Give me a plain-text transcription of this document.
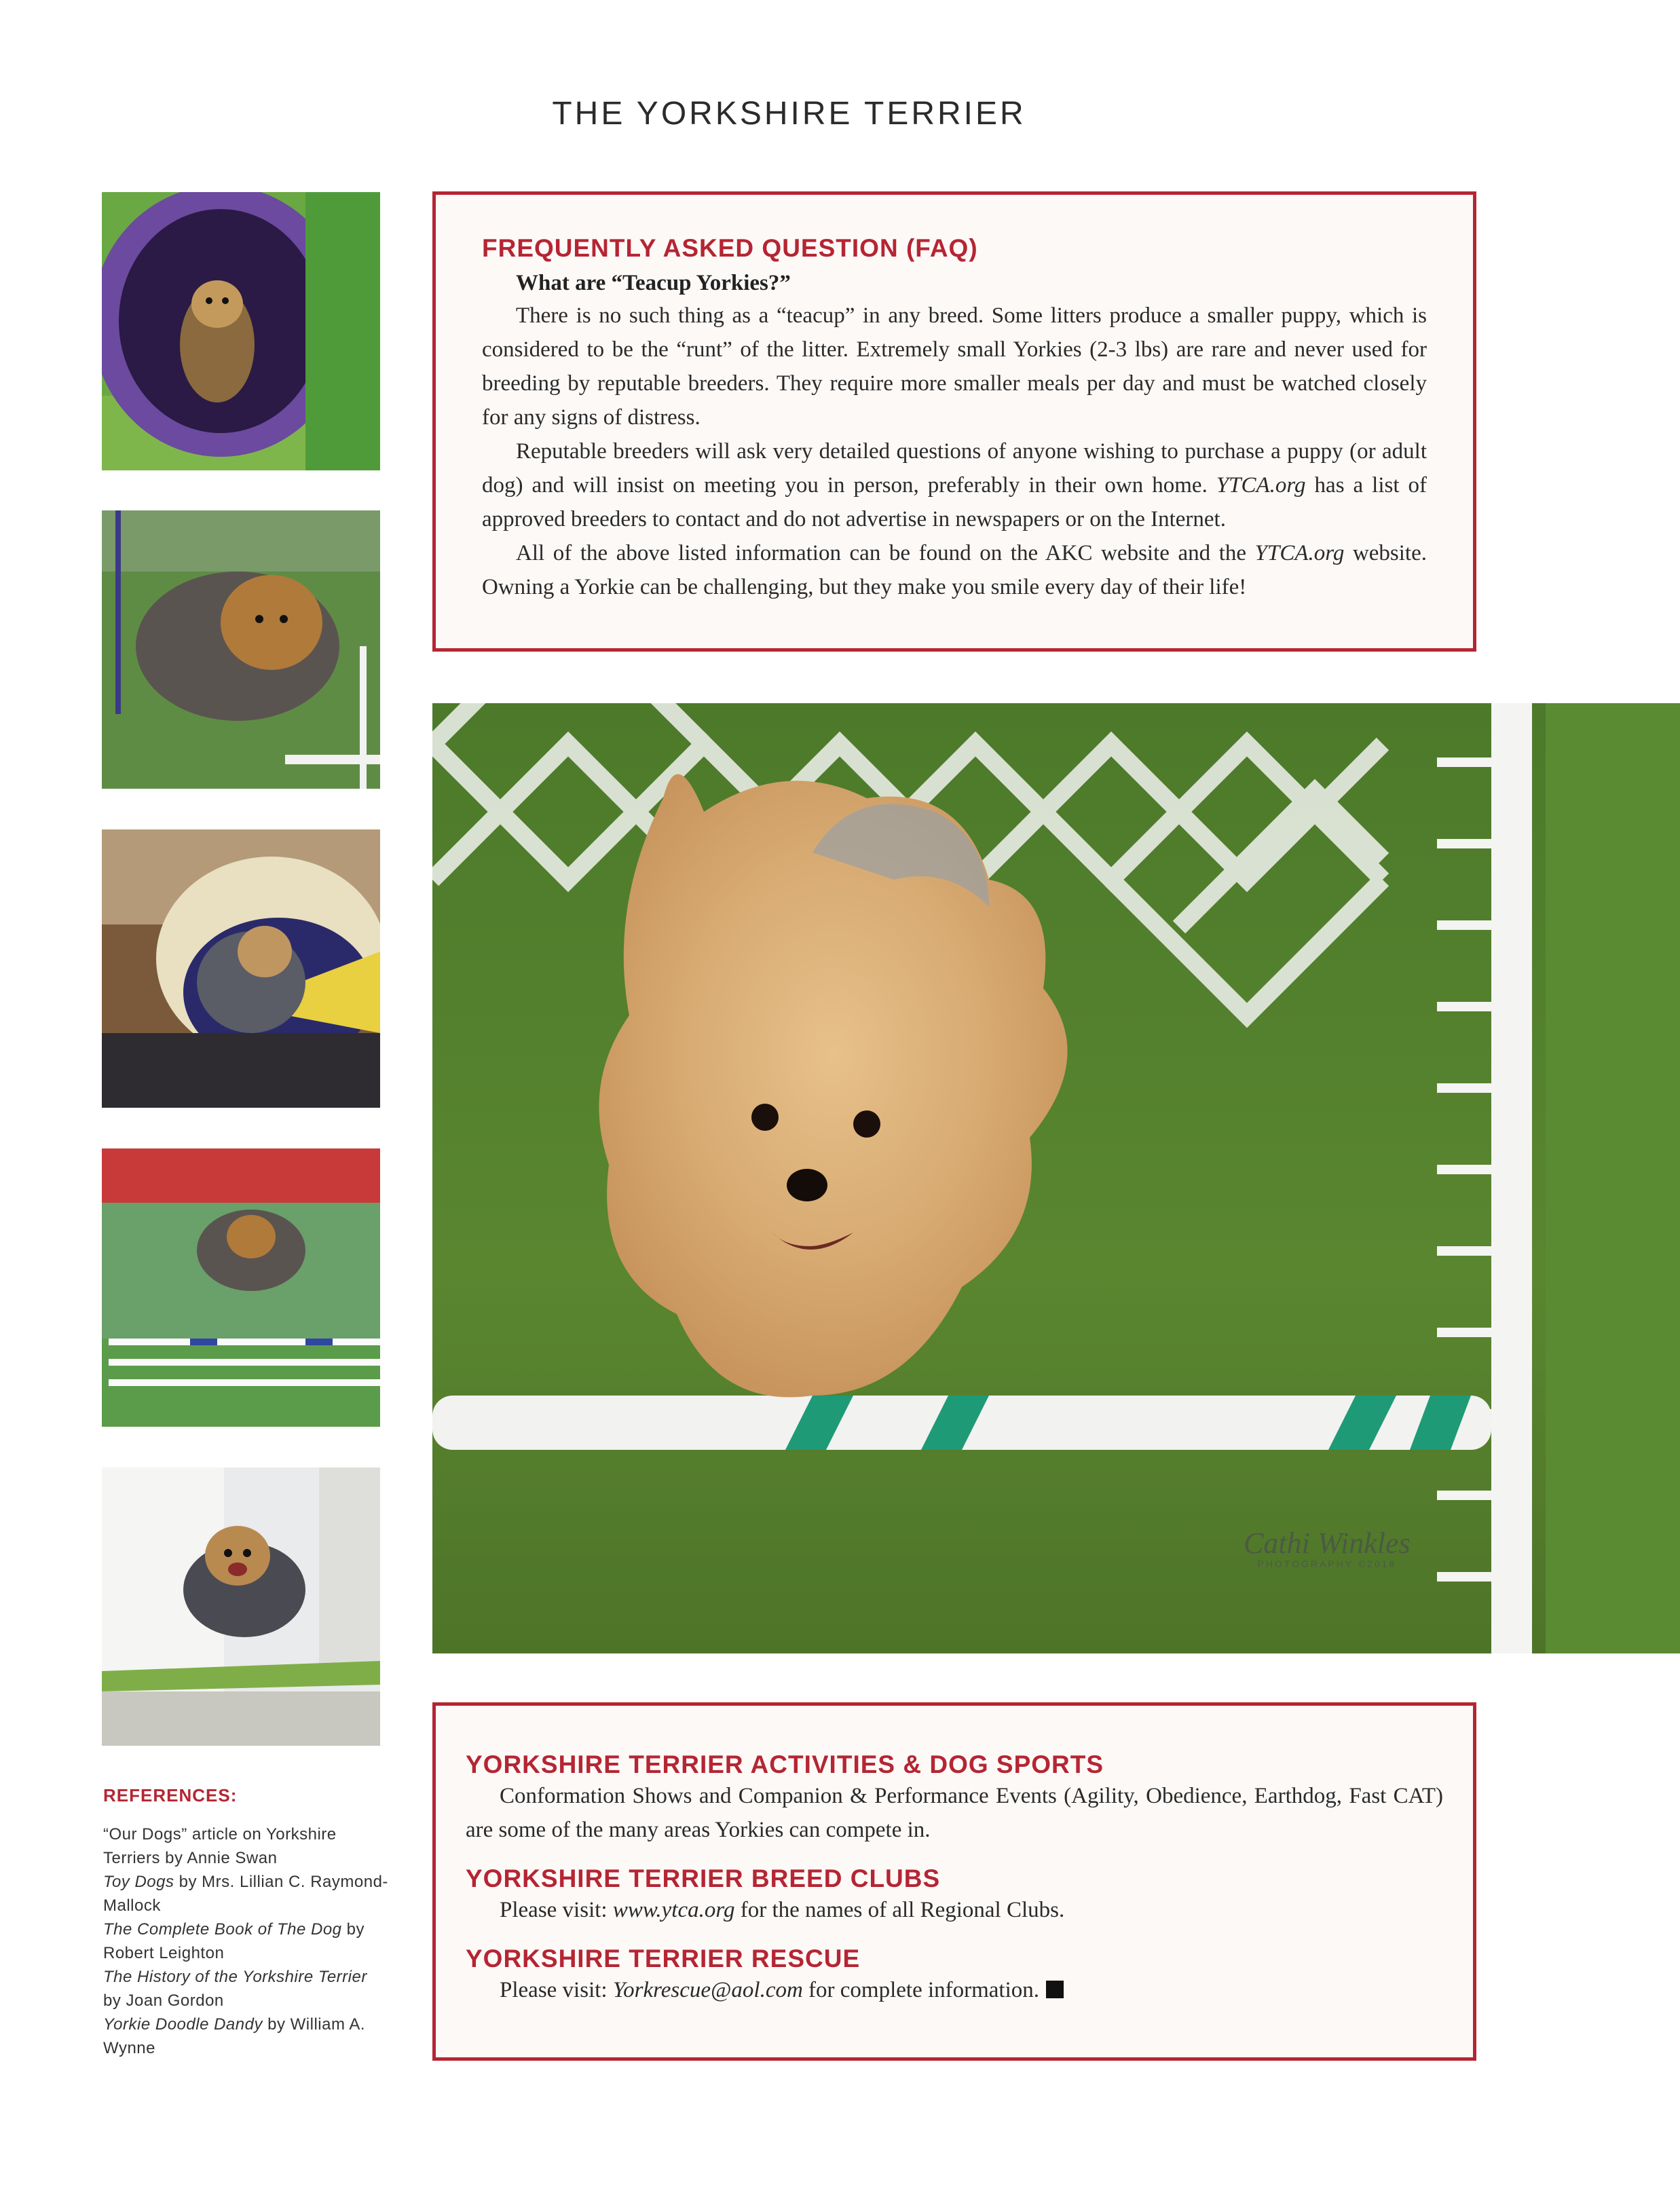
THE YORKSHIRE TERRIER
FREQUENTLY ASKED QUESTION (FAQ)
What are “Teacup Yorkies?”

There is no such thing as a “teacup” in any breed. Some litters produce a smaller puppy, which is considered to be the “runt” of the litter. Extremely small Yorkies (2-3 lbs) are rare and never used for breeding by reputable breeders. They require more smaller meals per day and must be watched closely for any signs of distress.

Reputable breeders will ask very detailed questions of anyone wishing to purchase a puppy (or adult dog) and will insist on meeting you in person, preferably in their own home. YTCA.org has a list of approved breeders to contact and do not advertise in newspapers or on the Internet.

All of the above listed information can be found on the AKC website and the YTCA.org website. Owning a Yorkie can be challenging, but they make you smile every day of their life!

Cathi Winkles
PHOTOGRAPHY ©2018
YORKSHIRE TERRIER ACTIVITIES & DOG SPORTS

Conformation Shows and Companion & Performance Events (Agility, Obedience, Earthdog, Fast CAT) are some of the many areas Yorkies can compete in.

YORKSHIRE TERRIER BREED CLUBS

Please visit: www.ytca.org for the names of all Regional Clubs.

YORKSHIRE TERRIER RESCUE

Please visit: Yorkrescue@aol.com for complete information.

REFERENCES:

“Our Dogs” article on Yorkshire Terriers by Annie Swan

Toy Dogs by Mrs. Lillian C. Raymond-Mallock

The Complete Book of The Dog by Robert Leighton

The History of the Yorkshire Terrier by Joan Gordon

Yorkie Doodle Dandy by William A. Wynne
